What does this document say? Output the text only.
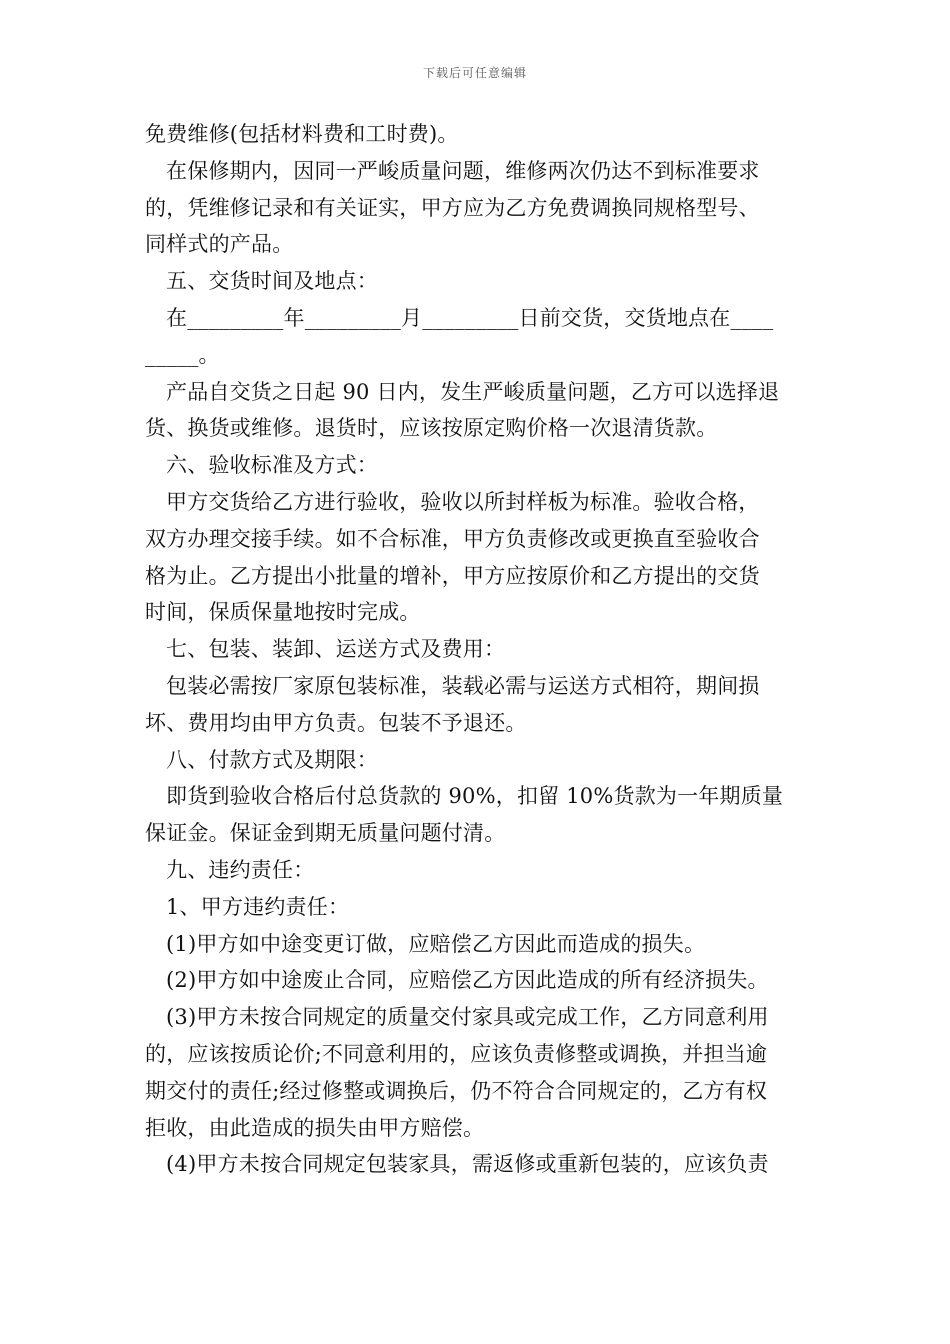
下载后可任意编辑

免费维修(包括材料费和工时费)。

在保修期内，因同一严峻质量问题，维修两次仍达不到标准要求

的，凭维修记录和有关证实，甲方应为乙方免费调换同规格型号、

同样式的产品。

五、交货时间及地点：

在_________年_________月_________日前交货，交货地点在____

_____。

产品自交货之日起 90 日内，发生严峻质量问题，乙方可以选择退

货、换货或维修。退货时，应该按原定购价格一次退清货款。

六、验收标准及方式：

甲方交货给乙方进行验收，验收以所封样板为标准。验收合格，

双方办理交接手续。如不合标准，甲方负责修改或更换直至验收合

格为止。乙方提出小批量的增补，甲方应按原价和乙方提出的交货

时间，保质保量地按时完成。

七、包装、装卸、运送方式及费用：

包装必需按厂家原包装标准，装载必需与运送方式相符，期间损

坏、费用均由甲方负责。包装不予退还。

八、付款方式及期限：

即货到验收合格后付总货款的 90%，扣留 10%货款为一年期质量

保证金。保证金到期无质量问题付清。

九、违约责任：

1、甲方违约责任：

(1)甲方如中途变更订做，应赔偿乙方因此而造成的损失。

(2)甲方如中途废止合同，应赔偿乙方因此造成的所有经济损失。

(3)甲方未按合同规定的质量交付家具或完成工作，乙方同意利用

的，应该按质论价;不同意利用的，应该负责修整或调换，并担当逾

期交付的责任;经过修整或调换后，仍不符合合同规定的，乙方有权

拒收，由此造成的损失由甲方赔偿。

(4)甲方未按合同规定包装家具，需返修或重新包装的，应该负责
